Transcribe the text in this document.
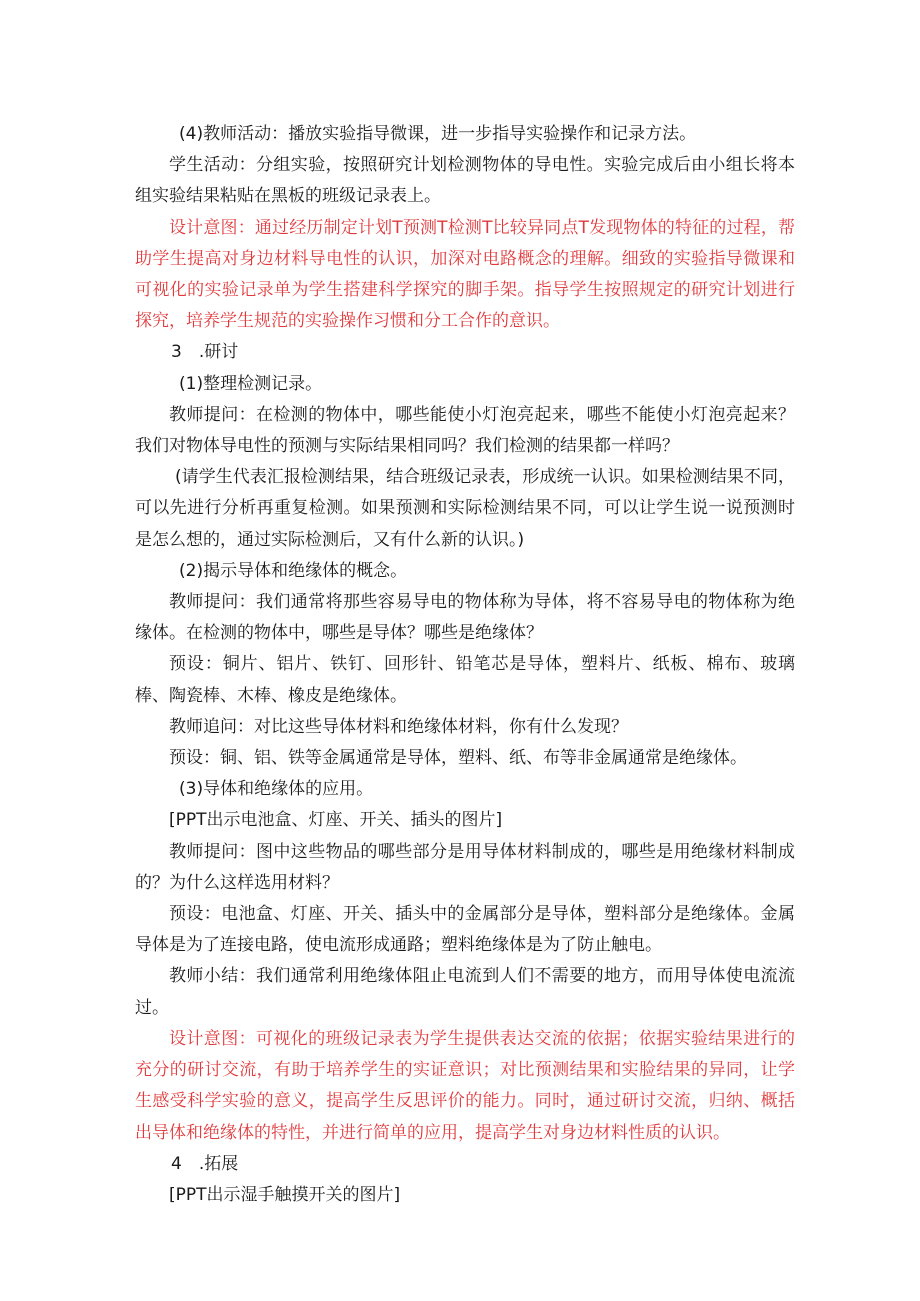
(4)教师活动：播放实验指导微课，进一步指导实验操作和记录方法。

学生活动：分组实验，按照研究计划检测物体的导电性。实验完成后由小组长将本组实验结果粘贴在黑板的班级记录表上。

设计意图：通过经历制定计划T预测T检测T比较异同点T发现物体的特征的过程，帮助学生提高对身边材料导电性的认识，加深对电路概念的理解。细致的实验指导微课和可视化的实验记录单为学生搭建科学探究的脚手架。指导学生按照规定的研究计划进行探究，培养学生规范的实验操作习惯和分工合作的意识。

3　.研讨

(1)整理检测记录。

教师提问：在检测的物体中，哪些能使小灯泡亮起来，哪些不能使小灯泡亮起来？我们对物体导电性的预测与实际结果相同吗？我们检测的结果都一样吗？

(请学生代表汇报检测结果，结合班级记录表，形成统一认识。如果检测结果不同，可以先进行分析再重复检测。如果预测和实际检测结果不同，可以让学生说一说预测时是怎么想的，通过实际检测后，又有什么新的认识。)

(2)揭示导体和绝缘体的概念。

教师提问：我们通常将那些容易导电的物体称为导体，将不容易导电的物体称为绝缘体。在检测的物体中，哪些是导体？哪些是绝缘体？

预设：铜片、铝片、铁钉、回形针、铅笔芯是导体，塑料片、纸板、棉布、玻璃棒、陶瓷棒、木棒、橡皮是绝缘体。

教师追问：对比这些导体材料和绝缘体材料，你有什么发现？

预设：铜、铝、铁等金属通常是导体，塑料、纸、布等非金属通常是绝缘体。

(3)导体和绝缘体的应用。

[PPT出示电池盒、灯座、开关、插头的图片]

教师提问：图中这些物品的哪些部分是用导体材料制成的，哪些是用绝缘材料制成的？为什么这样选用材料？

预设：电池盒、灯座、开关、插头中的金属部分是导体，塑料部分是绝缘体。金属导体是为了连接电路，使电流形成通路；塑料绝缘体是为了防止触电。

教师小结：我们通常利用绝缘体阻止电流到人们不需要的地方，而用导体使电流流过。

设计意图：可视化的班级记录表为学生提供表达交流的依据；依据实验结果进行的充分的研讨交流，有助于培养学生的实证意识；对比预测结果和实脸结果的异同，让学生感受科学实验的意义，提高学生反思评价的能力。同时，通过研讨交流，归纳、概括出导体和绝缘体的特性，并进行简单的应用，提高学生对身边材料性质的认识。

4　.拓展

[PPT出示湿手触摸开关的图片]
